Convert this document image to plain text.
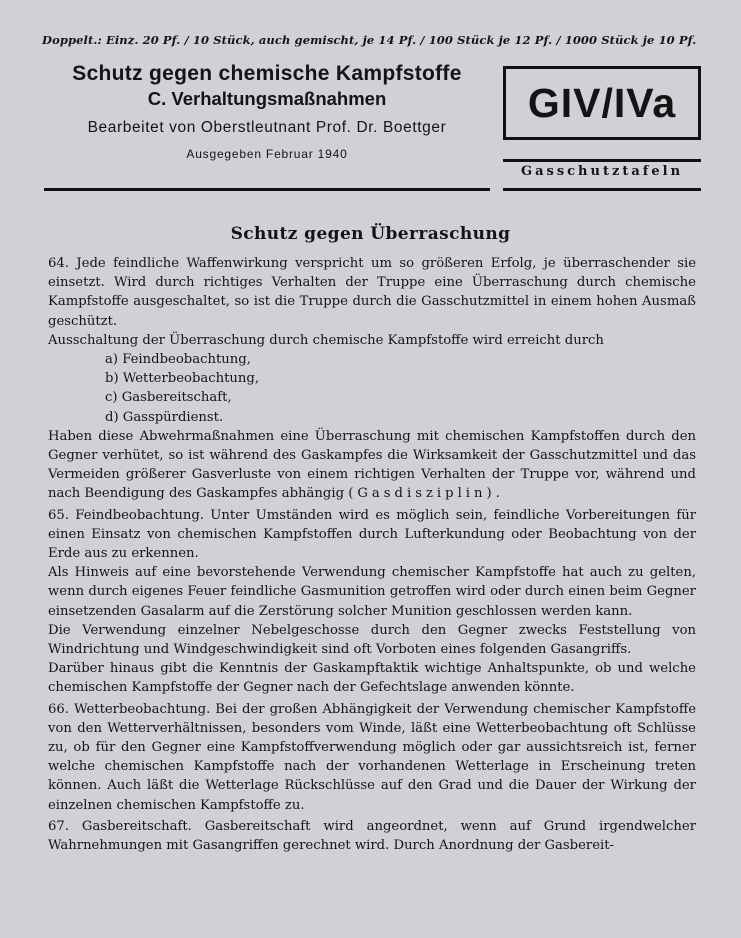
Doppelt.: Einz. 20 Pf. / 10 Stück, auch gemischt, je 14 Pf. / 100 Stück je 12 Pf. / 1000 Stück je 10 Pf.
Schutz gegen chemische Kampfstoffe
C. Verhaltungsmaßnahmen
Bearbeitet von Oberstleutnant Prof. Dr. Boettger
Ausgegeben Februar 1940
GIV/IVa
Gasschutztafeln
Schutz gegen Überraschung

64. Jede feindliche Waffenwirkung verspricht um so größeren Erfolg, je überraschender sie einsetzt. Wird durch richtiges Verhalten der Truppe eine Überraschung durch chemische Kampfstoffe ausgeschaltet, so ist die Truppe durch die Gasschutzmittel in einem hohen Ausmaß geschützt.

Ausschaltung der Überraschung durch chemische Kampfstoffe wird erreicht durch

a) Feindbeobachtung,
b) Wetterbeobachtung,
c) Gasbereitschaft,
d) Gasspürdienst.

Haben diese Abwehrmaßnahmen eine Überraschung mit chemischen Kampfstoffen durch den Gegner verhütet, so ist während des Gaskampfes die Wirksamkeit der Gasschutzmittel und das Vermeiden größerer Gasverluste von einem richtigen Verhalten der Truppe vor, während und nach Beendigung des Gaskampfes abhängig (Gasdisziplin).

65. Feindbeobachtung. Unter Umständen wird es möglich sein, feindliche Vorbereitungen für einen Einsatz von chemischen Kampfstoffen durch Lufterkundung oder Beobachtung von der Erde aus zu erkennen.

Als Hinweis auf eine bevorstehende Verwendung chemischer Kampfstoffe hat auch zu gelten, wenn durch eigenes Feuer feindliche Gasmunition getroffen wird oder durch einen beim Gegner einsetzenden Gasalarm auf die Zerstörung solcher Munition geschlossen werden kann.

Die Verwendung einzelner Nebelgeschosse durch den Gegner zwecks Feststellung von Windrichtung und Windgeschwindigkeit sind oft Vorboten eines folgenden Gasangriffs.

Darüber hinaus gibt die Kenntnis der Gaskampftaktik wichtige Anhaltspunkte, ob und welche chemischen Kampfstoffe der Gegner nach der Gefechtslage anwenden könnte.

66. Wetterbeobachtung. Bei der großen Abhängigkeit der Verwendung chemischer Kampfstoffe von den Wetterverhältnissen, besonders vom Winde, läßt eine Wetterbeobachtung oft Schlüsse zu, ob für den Gegner eine Kampfstoffverwendung möglich oder gar aussichtsreich ist, ferner welche chemischen Kampfstoffe nach der vorhandenen Wetterlage in Erscheinung treten können. Auch läßt die Wetterlage Rückschlüsse auf den Grad und die Dauer der Wirkung der einzelnen chemischen Kampfstoffe zu.

67. Gasbereitschaft. Gasbereitschaft wird angeordnet, wenn auf Grund irgendwelcher Wahrnehmungen mit Gasangriffen gerechnet wird. Durch Anordnung der Gasbereit-
